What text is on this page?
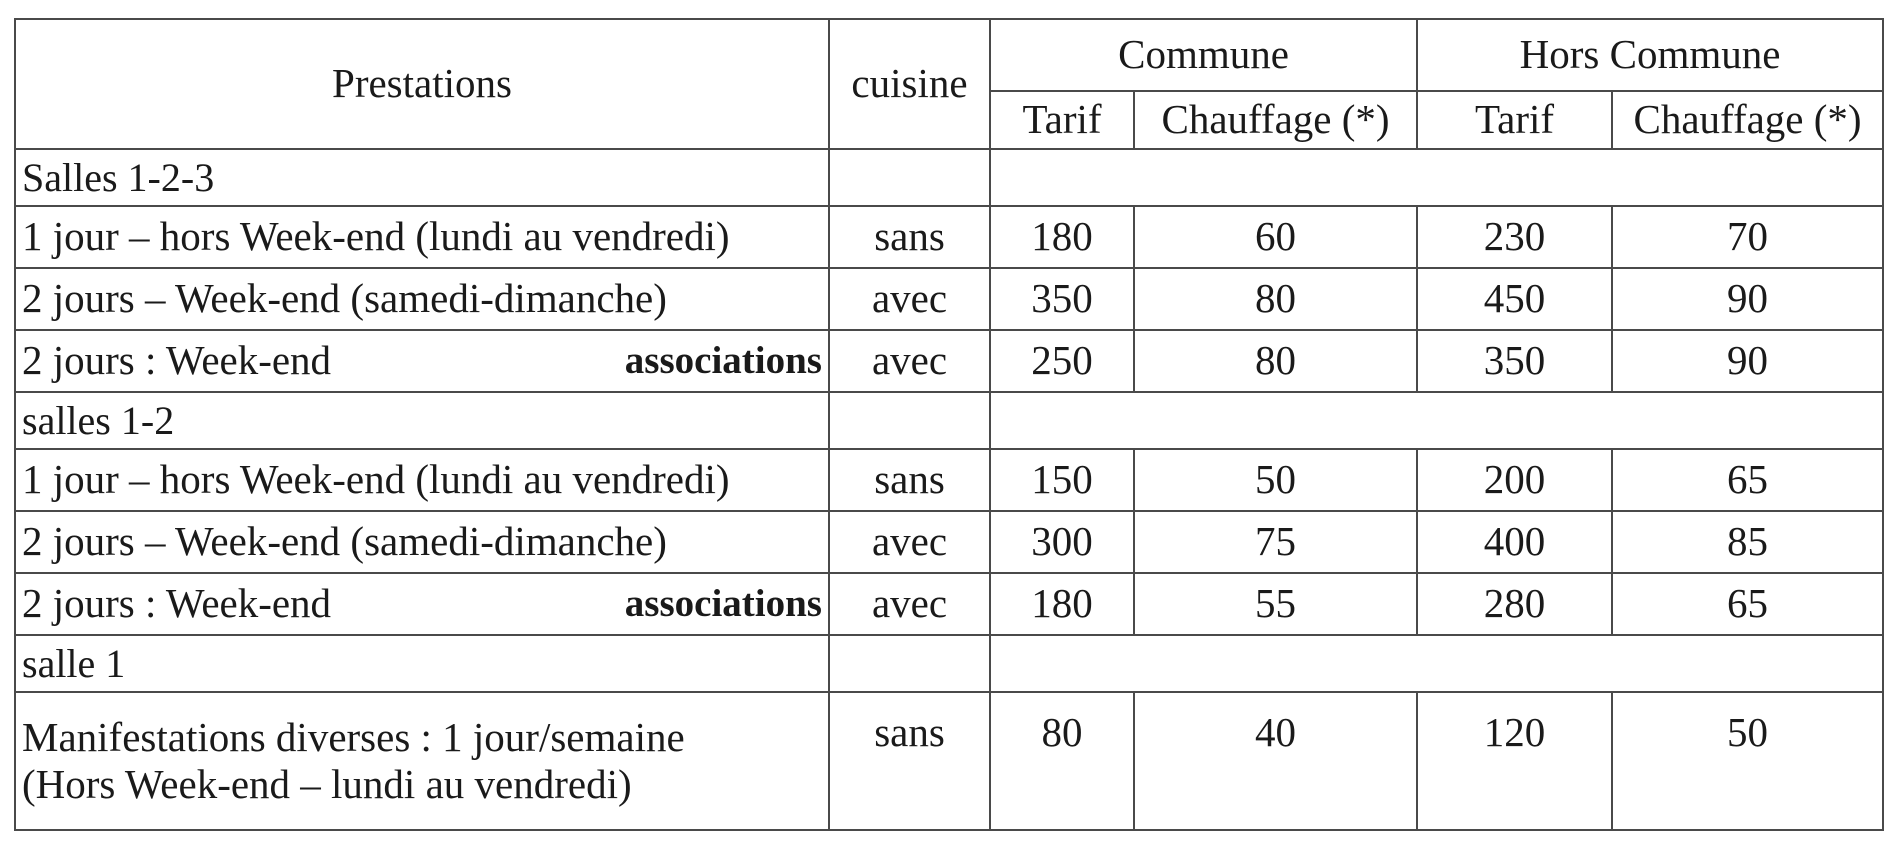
Prestations	cuisine	Commune		Hors Commune	
		Tarif	Chauffage (*)	Tarif	Chauffage (*)
Salles 1-2-3					
1 jour – hors Week-end (lundi au vendredi)	sans	180	60	230	70
2 jours – Week-end (samedi-dimanche)	avec	350	80	450	90

2 jours : Week-end associations	avec	250	80	350	90
salles 1-2					
1 jour – hors Week-end (lundi au vendredi)	sans	150	50	200	65
2 jours – Week-end (samedi-dimanche)	avec	300	75	400	85

2 jours : Week-end associations	avec	180	55	280	65
salle 1					

Manifestations diverses : 1 jour/semaine
(Hors Week-end – lundi au vendredi)	sans	80	40	120	50
